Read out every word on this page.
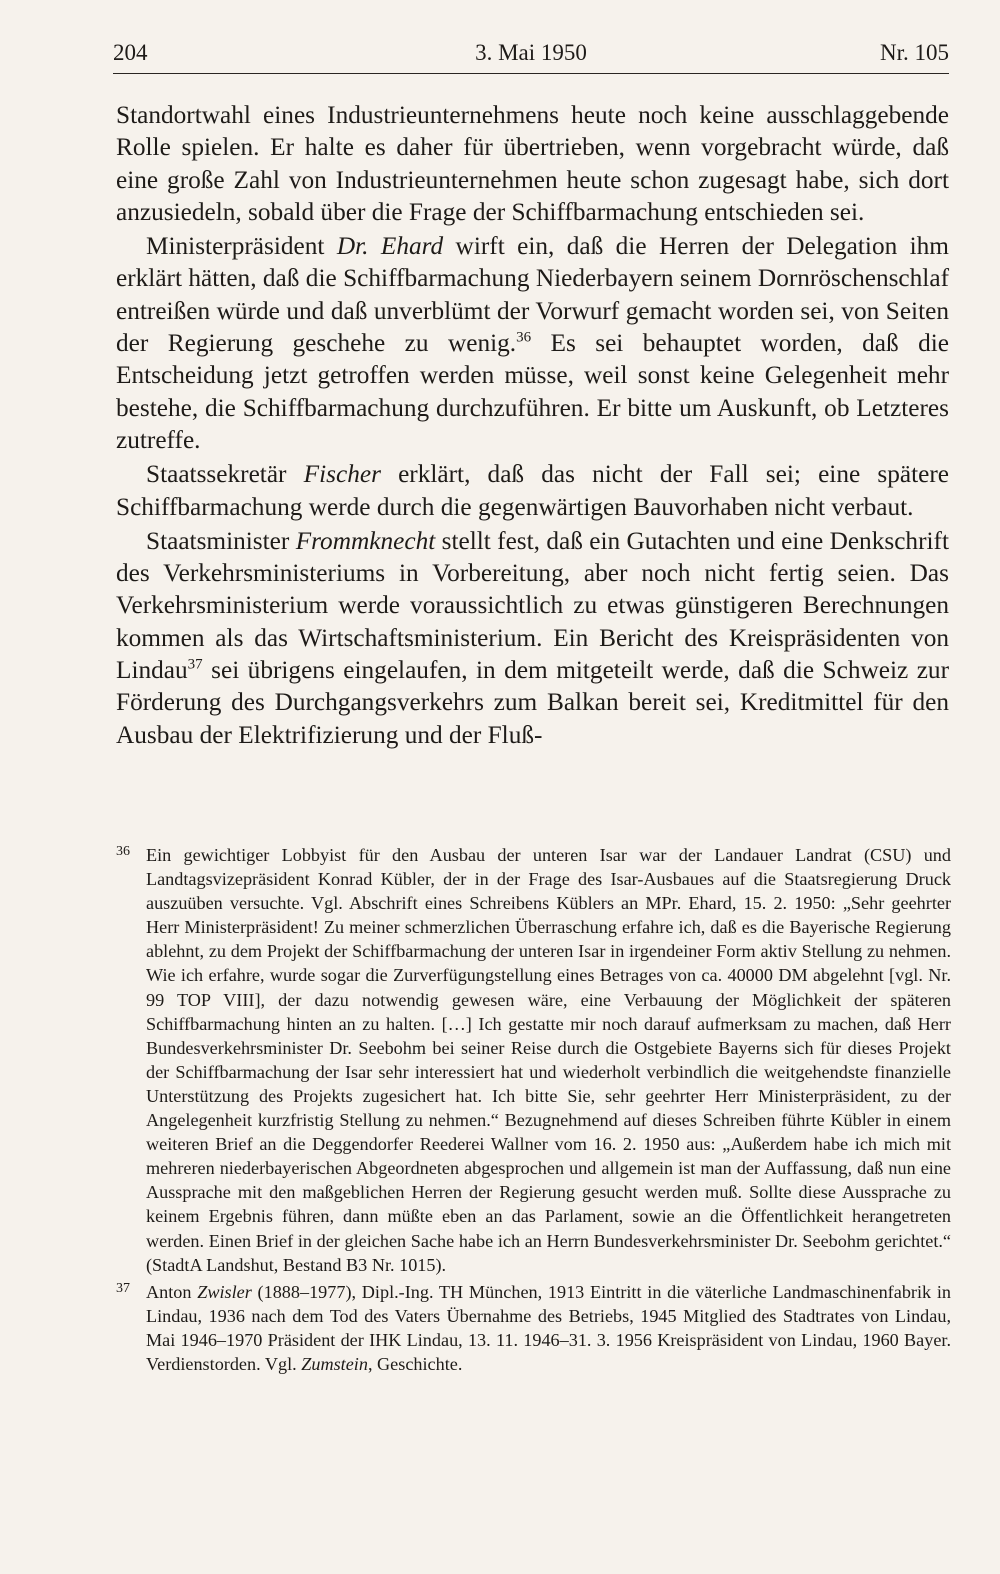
204	3. Mai 1950	Nr. 105

Standortwahl eines Industrieunternehmens heute noch keine ausschlaggebende Rolle spielen. Er halte es daher für übertrieben, wenn vorgebracht würde, daß eine große Zahl von Industrieunternehmen heute schon zugesagt habe, sich dort anzusiedeln, sobald über die Frage der Schiffbarmachung entschieden sei.

Ministerpräsident Dr. Ehard wirft ein, daß die Herren der Delegation ihm erklärt hätten, daß die Schiffbarmachung Niederbayern seinem Dornröschenschlaf entreißen würde und daß unverblümt der Vorwurf gemacht worden sei, von Seiten der Regierung geschehe zu wenig.$^{36}$ Es sei behauptet worden, daß die Entscheidung jetzt getroffen werden müsse, weil sonst keine Gelegenheit mehr bestehe, die Schiffbarmachung durchzuführen. Er bitte um Auskunft, ob Letzteres zutreffe.

Staatssekretär Fischer erklärt, daß das nicht der Fall sei; eine spätere Schiffbarmachung werde durch die gegenwärtigen Bauvorhaben nicht verbaut.

Staatsminister Frommknecht stellt fest, daß ein Gutachten und eine Denkschrift des Verkehrsministeriums in Vorbereitung, aber noch nicht fertig seien. Das Verkehrsministerium werde voraussichtlich zu etwas günstigeren Berechnungen kommen als das Wirtschaftsministerium. Ein Bericht des Kreispräsidenten von Lindau$^{37}$ sei übrigens eingelaufen, in dem mitgeteilt werde, daß die Schweiz zur Förderung des Durchgangsverkehrs zum Balkan bereit sei, Kreditmittel für den Ausbau der Elektrifizierung und der Fluß-

36 Ein gewichtiger Lobbyist für den Ausbau der unteren Isar war der Landauer Landrat (CSU) und Landtagsvizepräsident Konrad Kübler, der in der Frage des Isar-Ausbaues auf die Staatsregierung Druck auszuüben versuchte. Vgl. Abschrift eines Schreibens Küblers an MPr. Ehard, 15. 2. 1950: „Sehr geehrter Herr Ministerpräsident! Zu meiner schmerzlichen Überraschung erfahre ich, daß es die Bayerische Regierung ablehnt, zu dem Projekt der Schiffbarmachung der unteren Isar in irgendeiner Form aktiv Stellung zu nehmen. Wie ich erfahre, wurde sogar die Zurverfügungstellung eines Betrages von ca. 40000 DM abgelehnt [vgl. Nr. 99 TOP VIII], der dazu notwendig gewesen wäre, eine Verbauung der Möglichkeit der späteren Schiffbarmachung hinten an zu halten. […] Ich gestatte mir noch darauf aufmerksam zu machen, daß Herr Bundesverkehrsminister Dr. Seebohm bei seiner Reise durch die Ostgebiete Bayerns sich für dieses Projekt der Schiffbarmachung der Isar sehr interessiert hat und wiederholt verbindlich die weitgehendste finanzielle Unterstützung des Projekts zugesichert hat. Ich bitte Sie, sehr geehrter Herr Ministerpräsident, zu der Angelegenheit kurzfristig Stellung zu nehmen.“ Bezugnehmend auf dieses Schreiben führte Kübler in einem weiteren Brief an die Deggendorfer Reederei Wallner vom 16. 2. 1950 aus: „Außerdem habe ich mich mit mehreren niederbayerischen Abgeordneten abgesprochen und allgemein ist man der Auffassung, daß nun eine Aussprache mit den maßgeblichen Herren der Regierung gesucht werden muß. Sollte diese Aussprache zu keinem Ergebnis führen, dann müßte eben an das Parlament, sowie an die Öffentlichkeit herangetreten werden. Einen Brief in der gleichen Sache habe ich an Herrn Bundesverkehrsminister Dr. Seebohm gerichtet.“ (StadtA Landshut, Bestand B3 Nr. 1015).
37 Anton Zwisler (1888–1977), Dipl.-Ing. TH München, 1913 Eintritt in die väterliche Landmaschinenfabrik in Lindau, 1936 nach dem Tod des Vaters Übernahme des Betriebs, 1945 Mitglied des Stadtrates von Lindau, Mai 1946–1970 Präsident der IHK Lindau, 13. 11. 1946–31. 3. 1956 Kreispräsident von Lindau, 1960 Bayer. Verdienstorden. Vgl. Zumstein, Geschichte.
